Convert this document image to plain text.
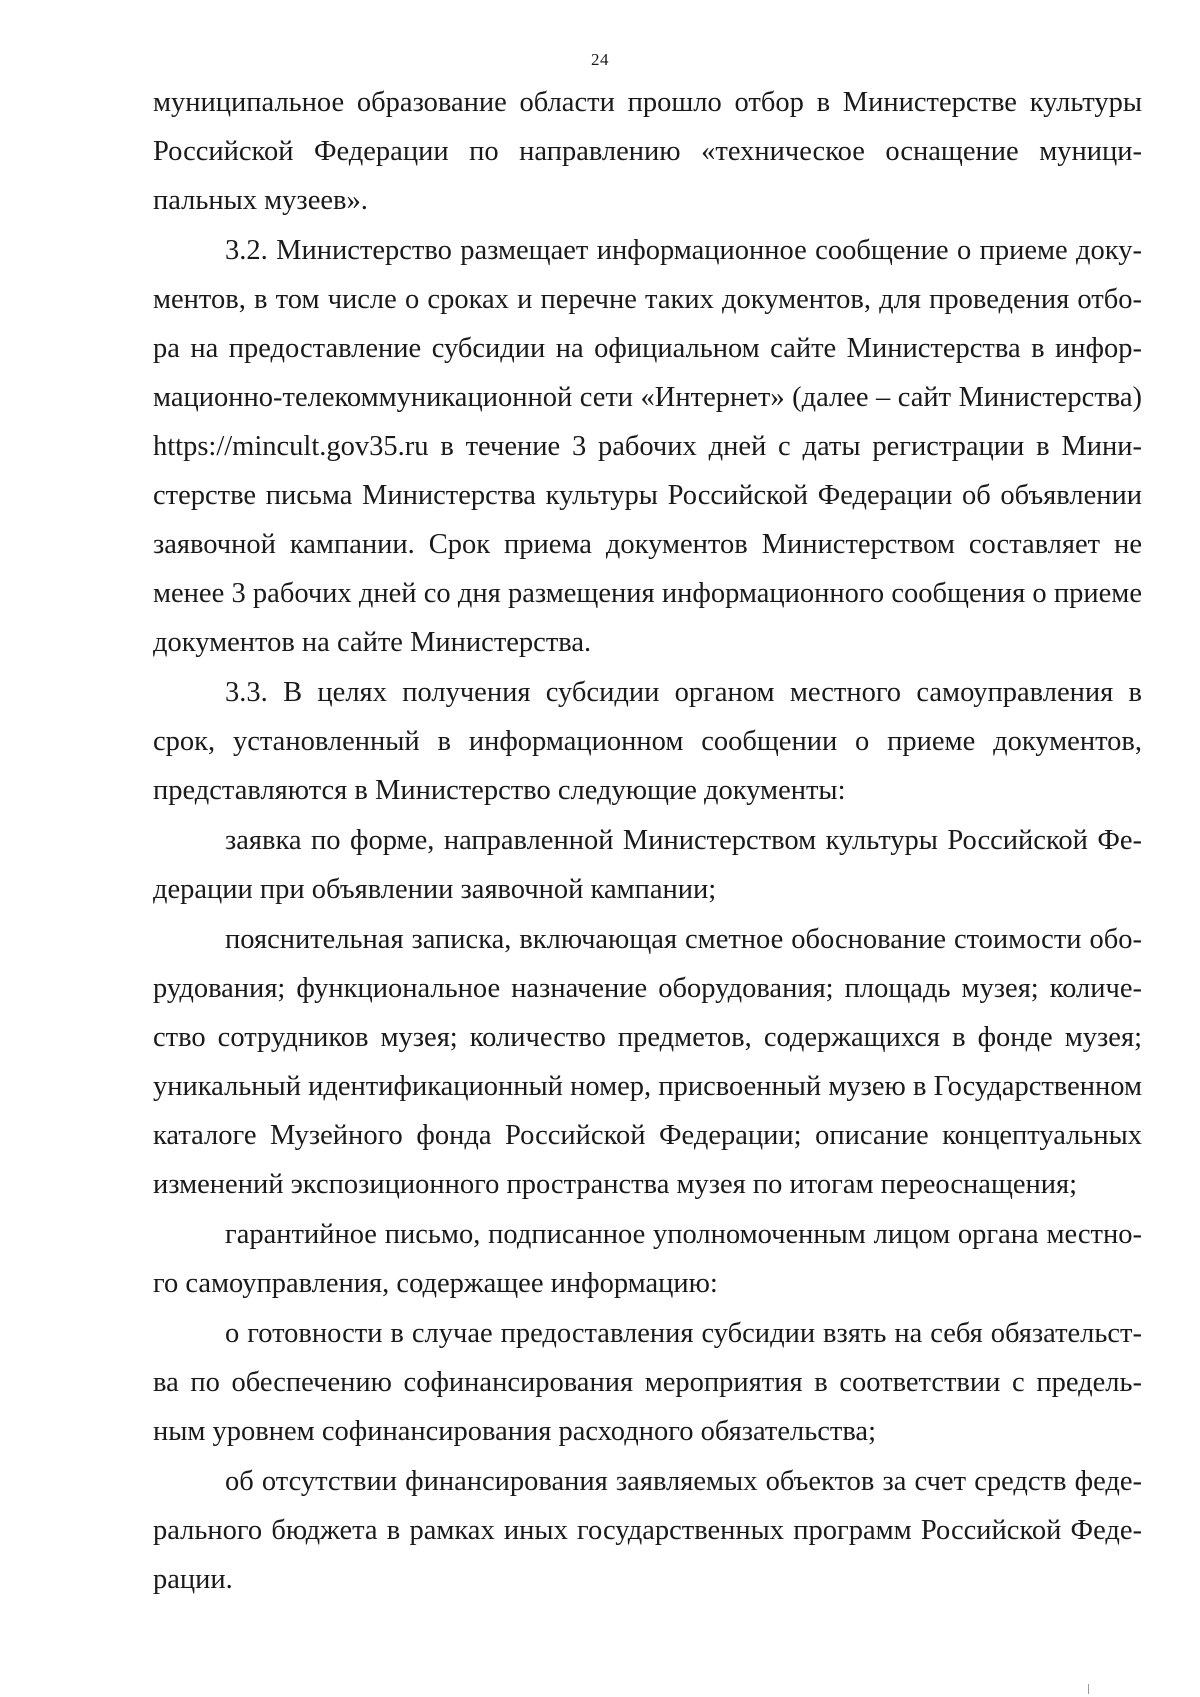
24

муниципальное образование области прошло отбор в Министерстве культуры Российской Федерации по направлению «техническое оснащение муниципальных музеев».

3.2. Министерство размещает информационное сообщение о приеме документов, в том числе о сроках и перечне таких документов, для проведения отбора на предоставление субсидии на официальном сайте Министерства в информационно-телекоммуникационной сети «Интернет» (далее – сайт Министерства) https://mincult.gov35.ru в течение 3 рабочих дней с даты регистрации в Министерстве письма Министерства культуры Российской Федерации об объявлении заявочной кампании. Срок приема документов Министерством составляет не менее 3 рабочих дней со дня размещения информационного сообщения о приеме документов на сайте Министерства.

3.3. В целях получения субсидии органом местного самоуправления в срок, установленный в информационном сообщении о приеме документов, представляются в Министерство следующие документы:

заявка по форме, направленной Министерством культуры Российской Федерации при объявлении заявочной кампании;

пояснительная записка, включающая сметное обоснование стоимости оборудования; функциональное назначение оборудования; площадь музея; количество сотрудников музея; количество предметов, содержащихся в фонде музея; уникальный идентификационный номер, присвоенный музею в Государственном каталоге Музейного фонда Российской Федерации; описание концептуальных изменений экспозиционного пространства музея по итогам переоснащения;

гарантийное письмо, подписанное уполномоченным лицом органа местного самоуправления, содержащее информацию:

о готовности в случае предоставления субсидии взять на себя обязательства по обеспечению софинансирования мероприятия в соответствии с предельным уровнем софинансирования расходного обязательства;

об отсутствии финансирования заявляемых объектов за счет средств федерального бюджета в рамках иных государственных программ Российской Федерации.
